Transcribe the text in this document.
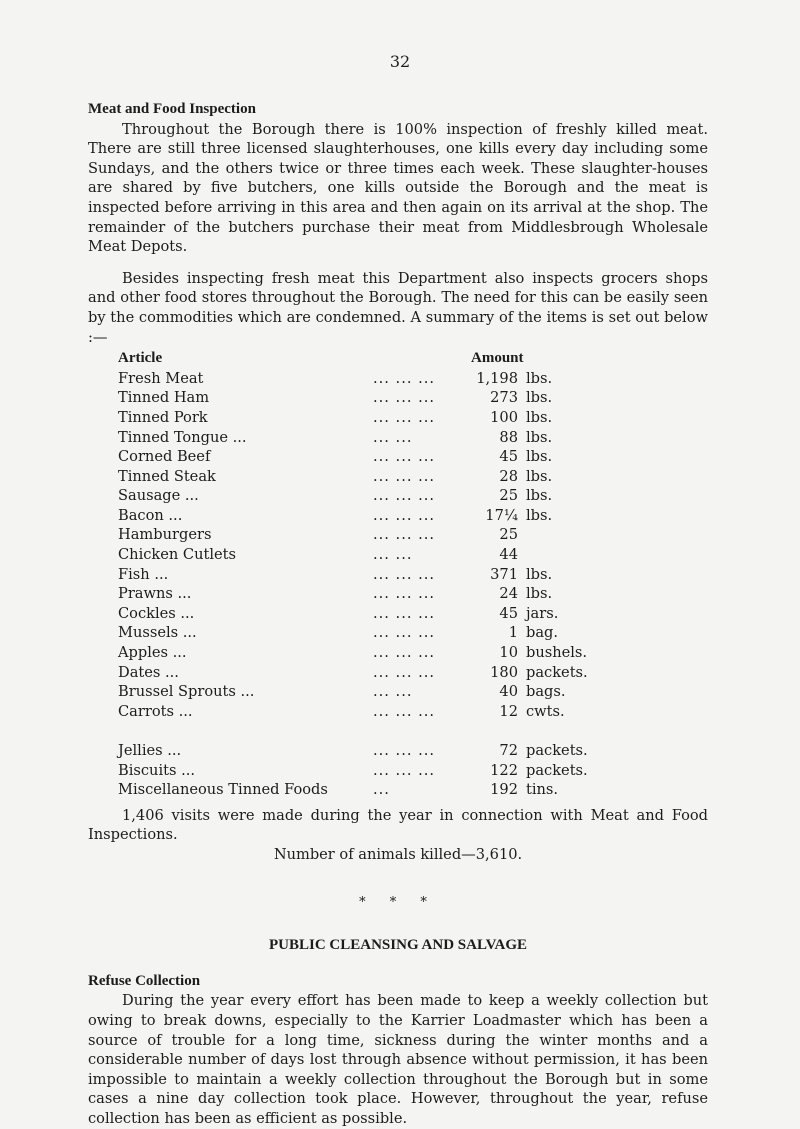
32
Meat and Food Inspection

Throughout the Borough there is 100% inspection of freshly killed meat. There are still three licensed slaughterhouses, one kills every day including some Sundays, and the others twice or three times each week. These slaughter-houses are shared by five butchers, one kills outside the Borough and the meat is inspected before arriving in this area and then again on its arrival at the shop. The remainder of the butchers purchase their meat from Middlesbrough Wholesale Meat Depots.

Besides inspecting fresh meat this Department also inspects grocers shops and other food stores throughout the Borough. The need for this can be easily seen by the commodities which are condemned. A summary of the items is set out below :—

Article		Amount	
Fresh Meat	... ... ...	1,198	lbs.
Tinned Ham	... ... ...	273	lbs.
Tinned Pork	... ... ...	100	lbs.
Tinned Tongue ...	... ...	88	lbs.
Corned Beef	... ... ...	45	lbs.
Tinned Steak	... ... ...	28	lbs.
Sausage ...	... ... ...	25	lbs.
Bacon ...	... ... ...	17¼	lbs.
Hamburgers	... ... ...	25	
Chicken Cutlets	... ...	44	
Fish ...	... ... ...	371	lbs.
Prawns ...	... ... ...	24	lbs.
Cockles ...	... ... ...	45	jars.
Mussels ...	... ... ...	1	bag.
Apples ...	... ... ...	10	bushels.
Dates ...	... ... ...	180	packets.
Brussel Sprouts ...	... ...	40	bags.
Carrots ...	... ... ...	12	cwts.

Jellies ...	... ... ...	72	packets.
Biscuits ...	... ... ...	122	packets.
Miscellaneous Tinned Foods	...	192	tins.

1,406 visits were made during the year in connection with Meat and Food Inspections.

Number of animals killed—3,610.

* * *
PUBLIC CLEANSING AND SALVAGE
Refuse Collection

During the year every effort has been made to keep a weekly collection but owing to break downs, especially to the Karrier Loadmaster which has been a source of trouble for a long time, sickness during the winter months and a considerable number of days lost through absence without permission, it has been impossible to maintain a weekly collection throughout the Borough but in some cases a nine day collection took place. However, throughout the year, refuse collection has been as efficient as possible.
